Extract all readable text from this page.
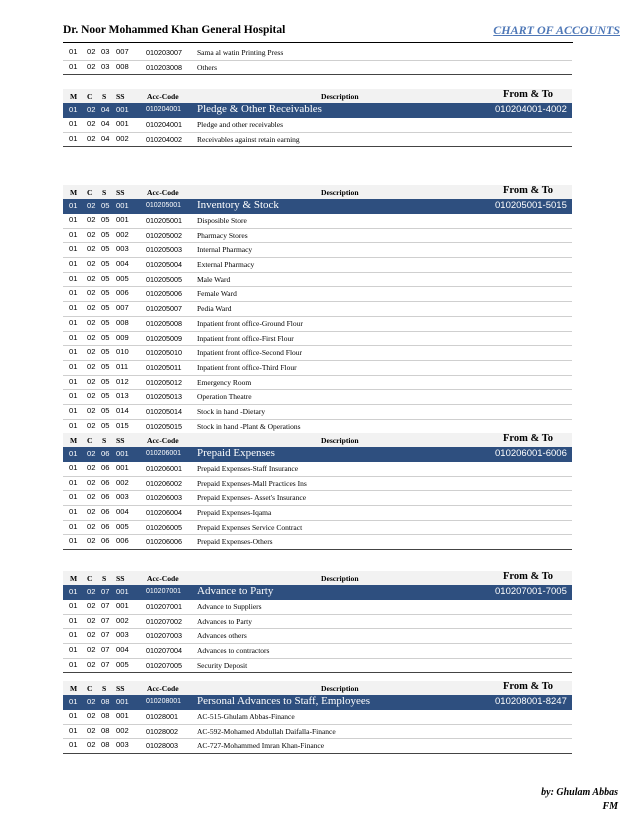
Dr. Noor Mohammed Khan General Hospital	CHART OF ACCOUNTS
01 02 03 007 010203007 Sama al watin Printing Press
01 02 03 008 010203008 Others
M C S SS	Acc-Code	Description	From & To
01 02 04 001 010204001 Pledge & Other Receivables	010204001-4002
01 02 04 001 010204001 Pledge and other receivables
01 02 04 002 010204002 Receivables against retain earning
M C S SS	Acc-Code	Description	From & To
01 02 05 001 010205001 Inventory & Stock	010205001-5015
01 02 05 001 010205001 Disposible Store
01 02 05 002 010205002 Pharmacy Stores
01 02 05 003 010205003 Internal Pharmacy
01 02 05 004 010205004 External Pharmacy
01 02 05 005 010205005 Male Ward
01 02 05 006 010205006 Female Ward
01 02 05 007 010205007 Pedia Ward
01 02 05 008 010205008 Inpatient front office-Ground Flour
01 02 05 009 010205009 Inpatient front office-First Flour
01 02 05 010 010205010 Inpatient front office-Second Flour
01 02 05 011 010205011 Inpatient front office-Third Flour
01 02 05 012 010205012 Emergency Room
01 02 05 013 010205013 Operation Theatre
01 02 05 014 010205014 Stock in hand -Dietary
01 02 05 015 010205015 Stock in hand -Plant & Operations
M C S SS	Acc-Code	Description	From & To
01 02 06 001 010206001 Prepaid Expenses	010206001-6006
01 02 06 001 010206001 Prepaid Expenses-Staff Insurance
01 02 06 002 010206002 Prepaid Expenses-Mall Practices Ins
01 02 06 003 010206003 Prepaid Expenses- Asset's Insurance
01 02 06 004 010206004 Prepaid Expenses-Iqama
01 02 06 005 010206005 Prepaid Expenses Service Contract
01 02 06 006 010206006 Prepaid Expenses-Others
M C S SS	Acc-Code	Description	From & To
01 02 07 001 010207001 Advance to Party	010207001-7005
01 02 07 001 010207001 Advance to Suppliers
01 02 07 002 010207002 Advances to Party
01 02 07 003 010207003 Advances others
01 02 07 004 010207004 Advances to contractors
01 02 07 005 010207005 Security Deposit
M C S SS	Acc-Code	Description	From & To
01 02 08 001 010208001 Personal Advances to Staff, Employees	010208001-8247
01 02 08 001 01028001	AC-515-Ghulam Abbas-Finance
01 02 08 002 01028002	AC-592-Mohamed Abdullah Daifalla-Finance
01 02 08 003 01028003	AC-727-Mohammed Imran Khan-Finance
by: Ghulam Abbas
FM
